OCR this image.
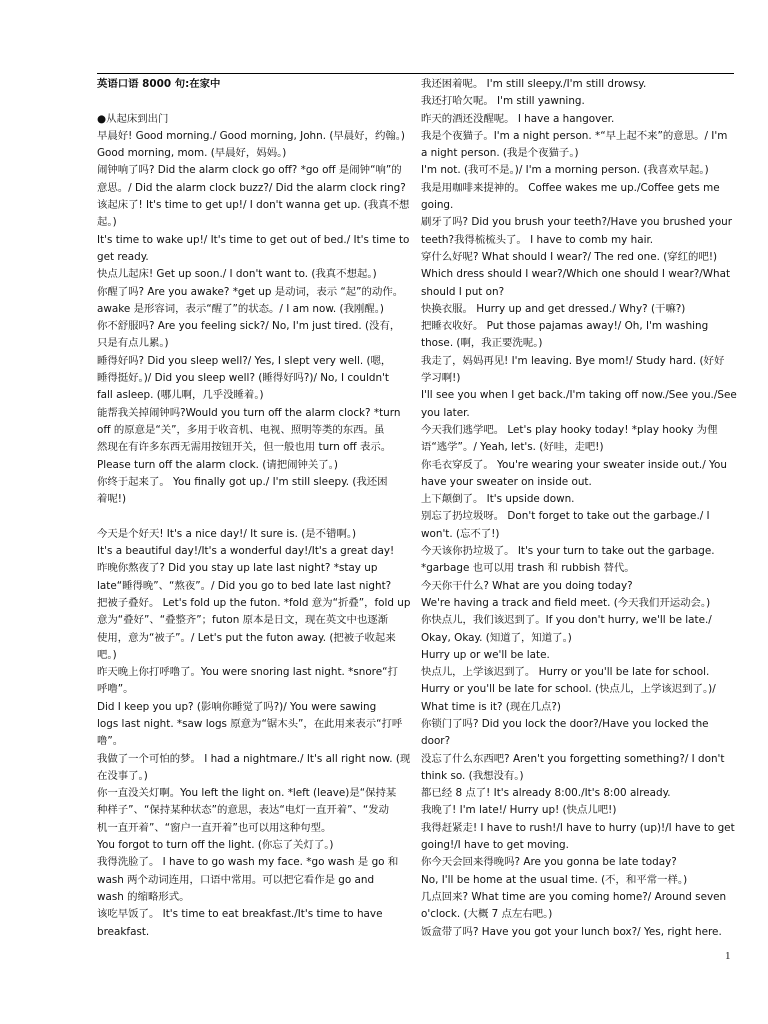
英语口语 8000 句:在家中
●从起床到出门
早晨好! Good morning./ Good morning, John. (早晨好，约翰。)
Good morning, mom. (早晨好，妈妈。)
闹钟响了吗? Did the alarm clock go off? *go off 是闹钟“响”的
意思。/ Did the alarm clock buzz?/ Did the alarm clock ring?
该起床了! It's time to get up!/ I don't wanna get up. (我真不想
起。)
It's time to wake up!/ It's time to get out of bed./ It's time to
get ready.
快点儿起床! Get up soon./ I don't want to. (我真不想起。)
你醒了吗? Are you awake? *get up 是动词，表示 “起”的动作。
awake 是形容词，表示“醒了”的状态。/ I am now. (我刚醒。)
你不舒服吗? Are you feeling sick?/ No, I'm just tired. (没有，
只是有点儿累。)
睡得好吗? Did you sleep well?/ Yes, I slept very well. (嗯，
睡得挺好。)/ Did you sleep well? (睡得好吗?)/ No, I couldn't
fall asleep. (哪儿啊，几乎没睡着。)
能帮我关掉闹钟吗?Would you turn off the alarm clock? *turn
off 的原意是“关”，多用于收音机、电视、照明等类的东西。虽
然现在有许多东西无需用按钮开关，但一般也用 turn off 表示。
Please turn off the alarm clock. (请把闹钟关了。)
你终于起来了。 You finally got up./ I'm still sleepy. (我还困
着呢!)
今天是个好天! It's a nice day!/ It sure is. (是不错啊。)
It's a beautiful day!/It's a wonderful day!/It's a great day!
昨晚你熬夜了? Did you stay up late last night? *stay up
late“睡得晚”、“熬夜”。/ Did you go to bed late last night?
把被子叠好。 Let's fold up the futon. *fold 意为“折叠”，fold up
意为“叠好”、“叠整齐”；futon 原本是日文，现在英文中也逐渐
使用，意为“被子”。/ Let's put the futon away. (把被子收起来
吧。)
昨天晚上你打呼噜了。You were snoring last night. *snore“打
呼噜”。
Did I keep you up? (影响你睡觉了吗?)/ You were sawing
logs last night. *saw logs 原意为“锯木头”，在此用来表示“打呼
噜”。
我做了一个可怕的梦。 I had a nightmare./ It's all right now. (现
在没事了。)
你一直没关灯啊。You left the light on. *left (leave)是“保持某
种样子”、“保持某种状态”的意思，表达“电灯一直开着”、“发动
机一直开着”、“窗户一直开着”也可以用这种句型。
You forgot to turn off the light. (你忘了关灯了。)
我得洗脸了。 I have to go wash my face. *go wash 是 go 和
wash 两个动词连用，口语中常用。可以把它看作是 go and
wash 的缩略形式。
该吃早饭了。 It's time to eat breakfast./It's time to have
breakfast.
我还困着呢。 I'm still sleepy./I'm still drowsy.
我还打哈欠呢。 I'm still yawning.
昨天的酒还没醒呢。 I have a hangover.
我是个夜猫子。I'm a night person. *“早上起不来”的意思。/ I'm
a night person. (我是个夜猫子。)
I'm not. (我可不是。)/ I'm a morning person. (我喜欢早起。)
我是用咖啡来提神的。 Coffee wakes me up./Coffee gets me
going.
刷牙了吗? Did you brush your teeth?/Have you brushed your
teeth?我得梳梳头了。 I have to comb my hair.
穿什么好呢? What should I wear?/ The red one. (穿红的吧!)
Which dress should I wear?/Which one should I wear?/What
should I put on?
快换衣服。 Hurry up and get dressed./ Why? (干嘛?)
把睡衣收好。 Put those pajamas away!/ Oh, I'm washing
those. (啊，我正要洗呢。)
我走了，妈妈再见! I'm leaving. Bye mom!/ Study hard. (好好
学习啊!)
I'll see you when I get back./I'm taking off now./See you./See
you later.
今天我们逃学吧。 Let's play hooky today! *play hooky 为俚
语“逃学”。/ Yeah, let's. (好哇，走吧!)
你毛衣穿反了。 You're wearing your sweater inside out./ You
have your sweater on inside out.
上下颠倒了。 It's upside down.
别忘了扔垃圾呀。 Don't forget to take out the garbage./ I
won't. (忘不了!)
今天该你扔垃圾了。 It's your turn to take out the garbage.
*garbage 也可以用 trash 和 rubbish 替代。
今天你干什么? What are you doing today?
We're having a track and field meet. (今天我们开运动会。)
你快点儿，我们该迟到了。If you don't hurry, we'll be late./
Okay, Okay. (知道了，知道了。)
Hurry up or we'll be late.
快点儿，上学该迟到了。 Hurry or you'll be late for school.
Hurry or you'll be late for school. (快点儿，上学该迟到了。)/
What time is it? (现在几点?)
你锁门了吗? Did you lock the door?/Have you locked the
door?
没忘了什么东西吧? Aren't you forgetting something?/ I don't
think so. (我想没有。)
都已经 8 点了! It's already 8:00./It's 8:00 already.
我晚了! I'm late!/ Hurry up! (快点儿吧!)
我得赶紧走! I have to rush!/I have to hurry (up)!/I have to get
going!/I have to get moving.
你今天会回来得晚吗? Are you gonna be late today?
No, I'll be home at the usual time. (不，和平常一样。)
几点回来? What time are you coming home?/ Around seven
o'clock. (大概 7 点左右吧。)
饭盒带了吗? Have you got your lunch box?/ Yes, right here.
1
